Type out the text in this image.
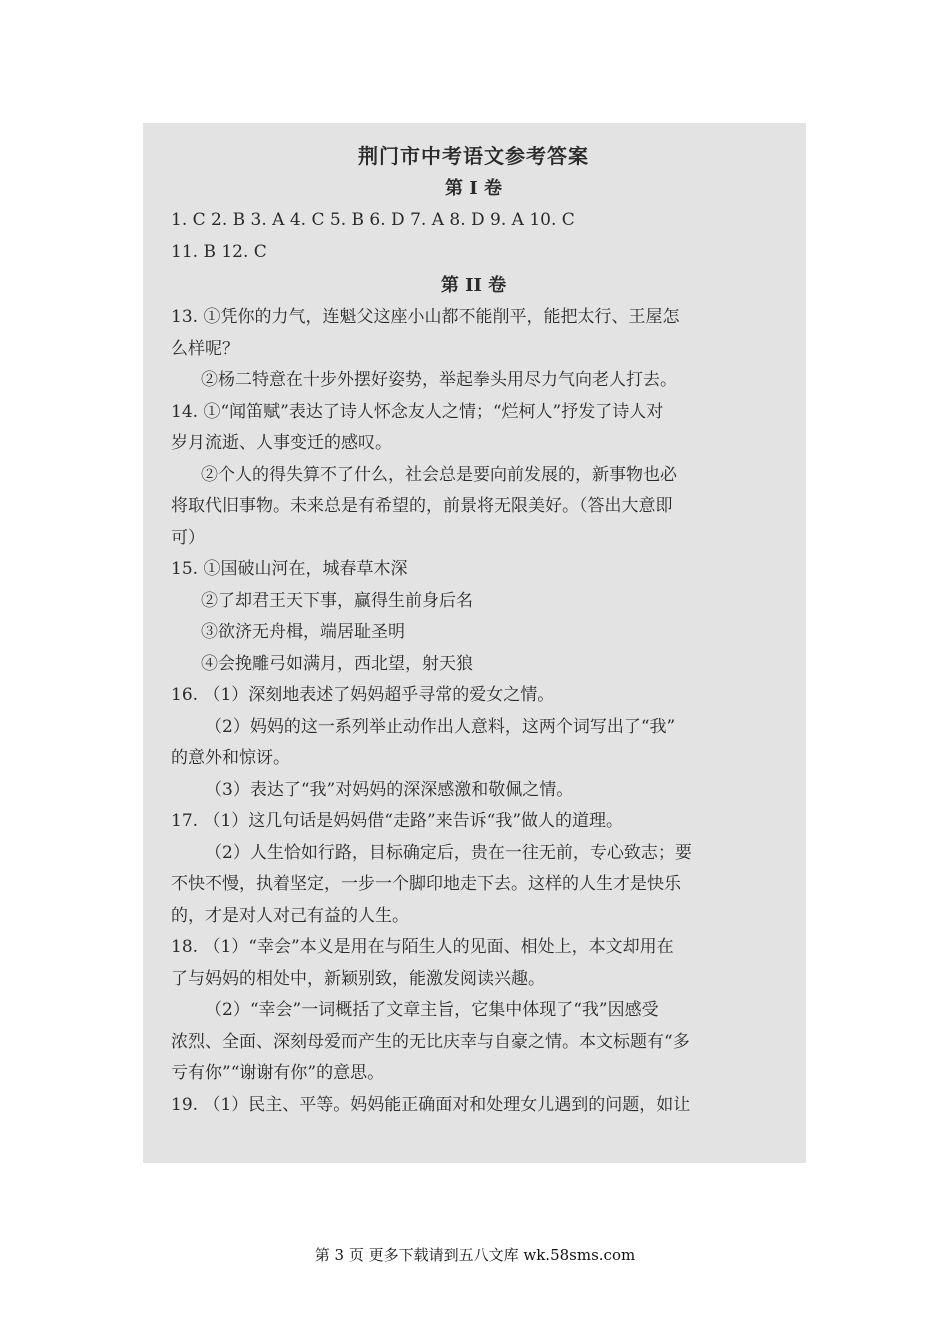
荆门市中考语文参考答案

第 I 卷

1. C 2. B 3. A 4. C 5. B 6. D 7. A 8. D 9. A 10. C

11. B 12. C

第 II 卷

13. ①凭你的力气，连魁父这座小山都不能削平，能把太行、王屋怎

么样呢？

②杨二特意在十步外摆好姿势，举起拳头用尽力气向老人打去。

14. ①“闻笛赋”表达了诗人怀念友人之情；“烂柯人”抒发了诗人对

岁月流逝、人事变迁的感叹。

②个人的得失算不了什么，社会总是要向前发展的，新事物也必

将取代旧事物。未来总是有希望的，前景将无限美好。（答出大意即

可）

15. ①国破山河在，城春草木深

②了却君王天下事，赢得生前身后名

③欲济无舟楫，端居耻圣明

④会挽雕弓如满月，西北望，射天狼

16. （1）深刻地表述了妈妈超乎寻常的爱女之情。

（2）妈妈的这一系列举止动作出人意料，这两个词写出了“我”

的意外和惊讶。

（3）表达了“我”对妈妈的深深感激和敬佩之情。

17. （1）这几句话是妈妈借“走路”来告诉“我”做人的道理。

（2）人生恰如行路，目标确定后，贵在一往无前，专心致志；要

不快不慢，执着坚定，一步一个脚印地走下去。这样的人生才是快乐

的，才是对人对己有益的人生。

18. （1）“幸会”本义是用在与陌生人的见面、相处上，本文却用在

了与妈妈的相处中，新颖别致，能激发阅读兴趣。

（2）“幸会”一词概括了文章主旨，它集中体现了“我”因感受

浓烈、全面、深刻母爱而产生的无比庆幸与自豪之情。本文标题有“多

亏有你”“谢谢有你”的意思。

19. （1）民主、平等。妈妈能正确面对和处理女儿遇到的问题，如让

第 3 页 更多下载请到五八文库 wk.58sms.com
